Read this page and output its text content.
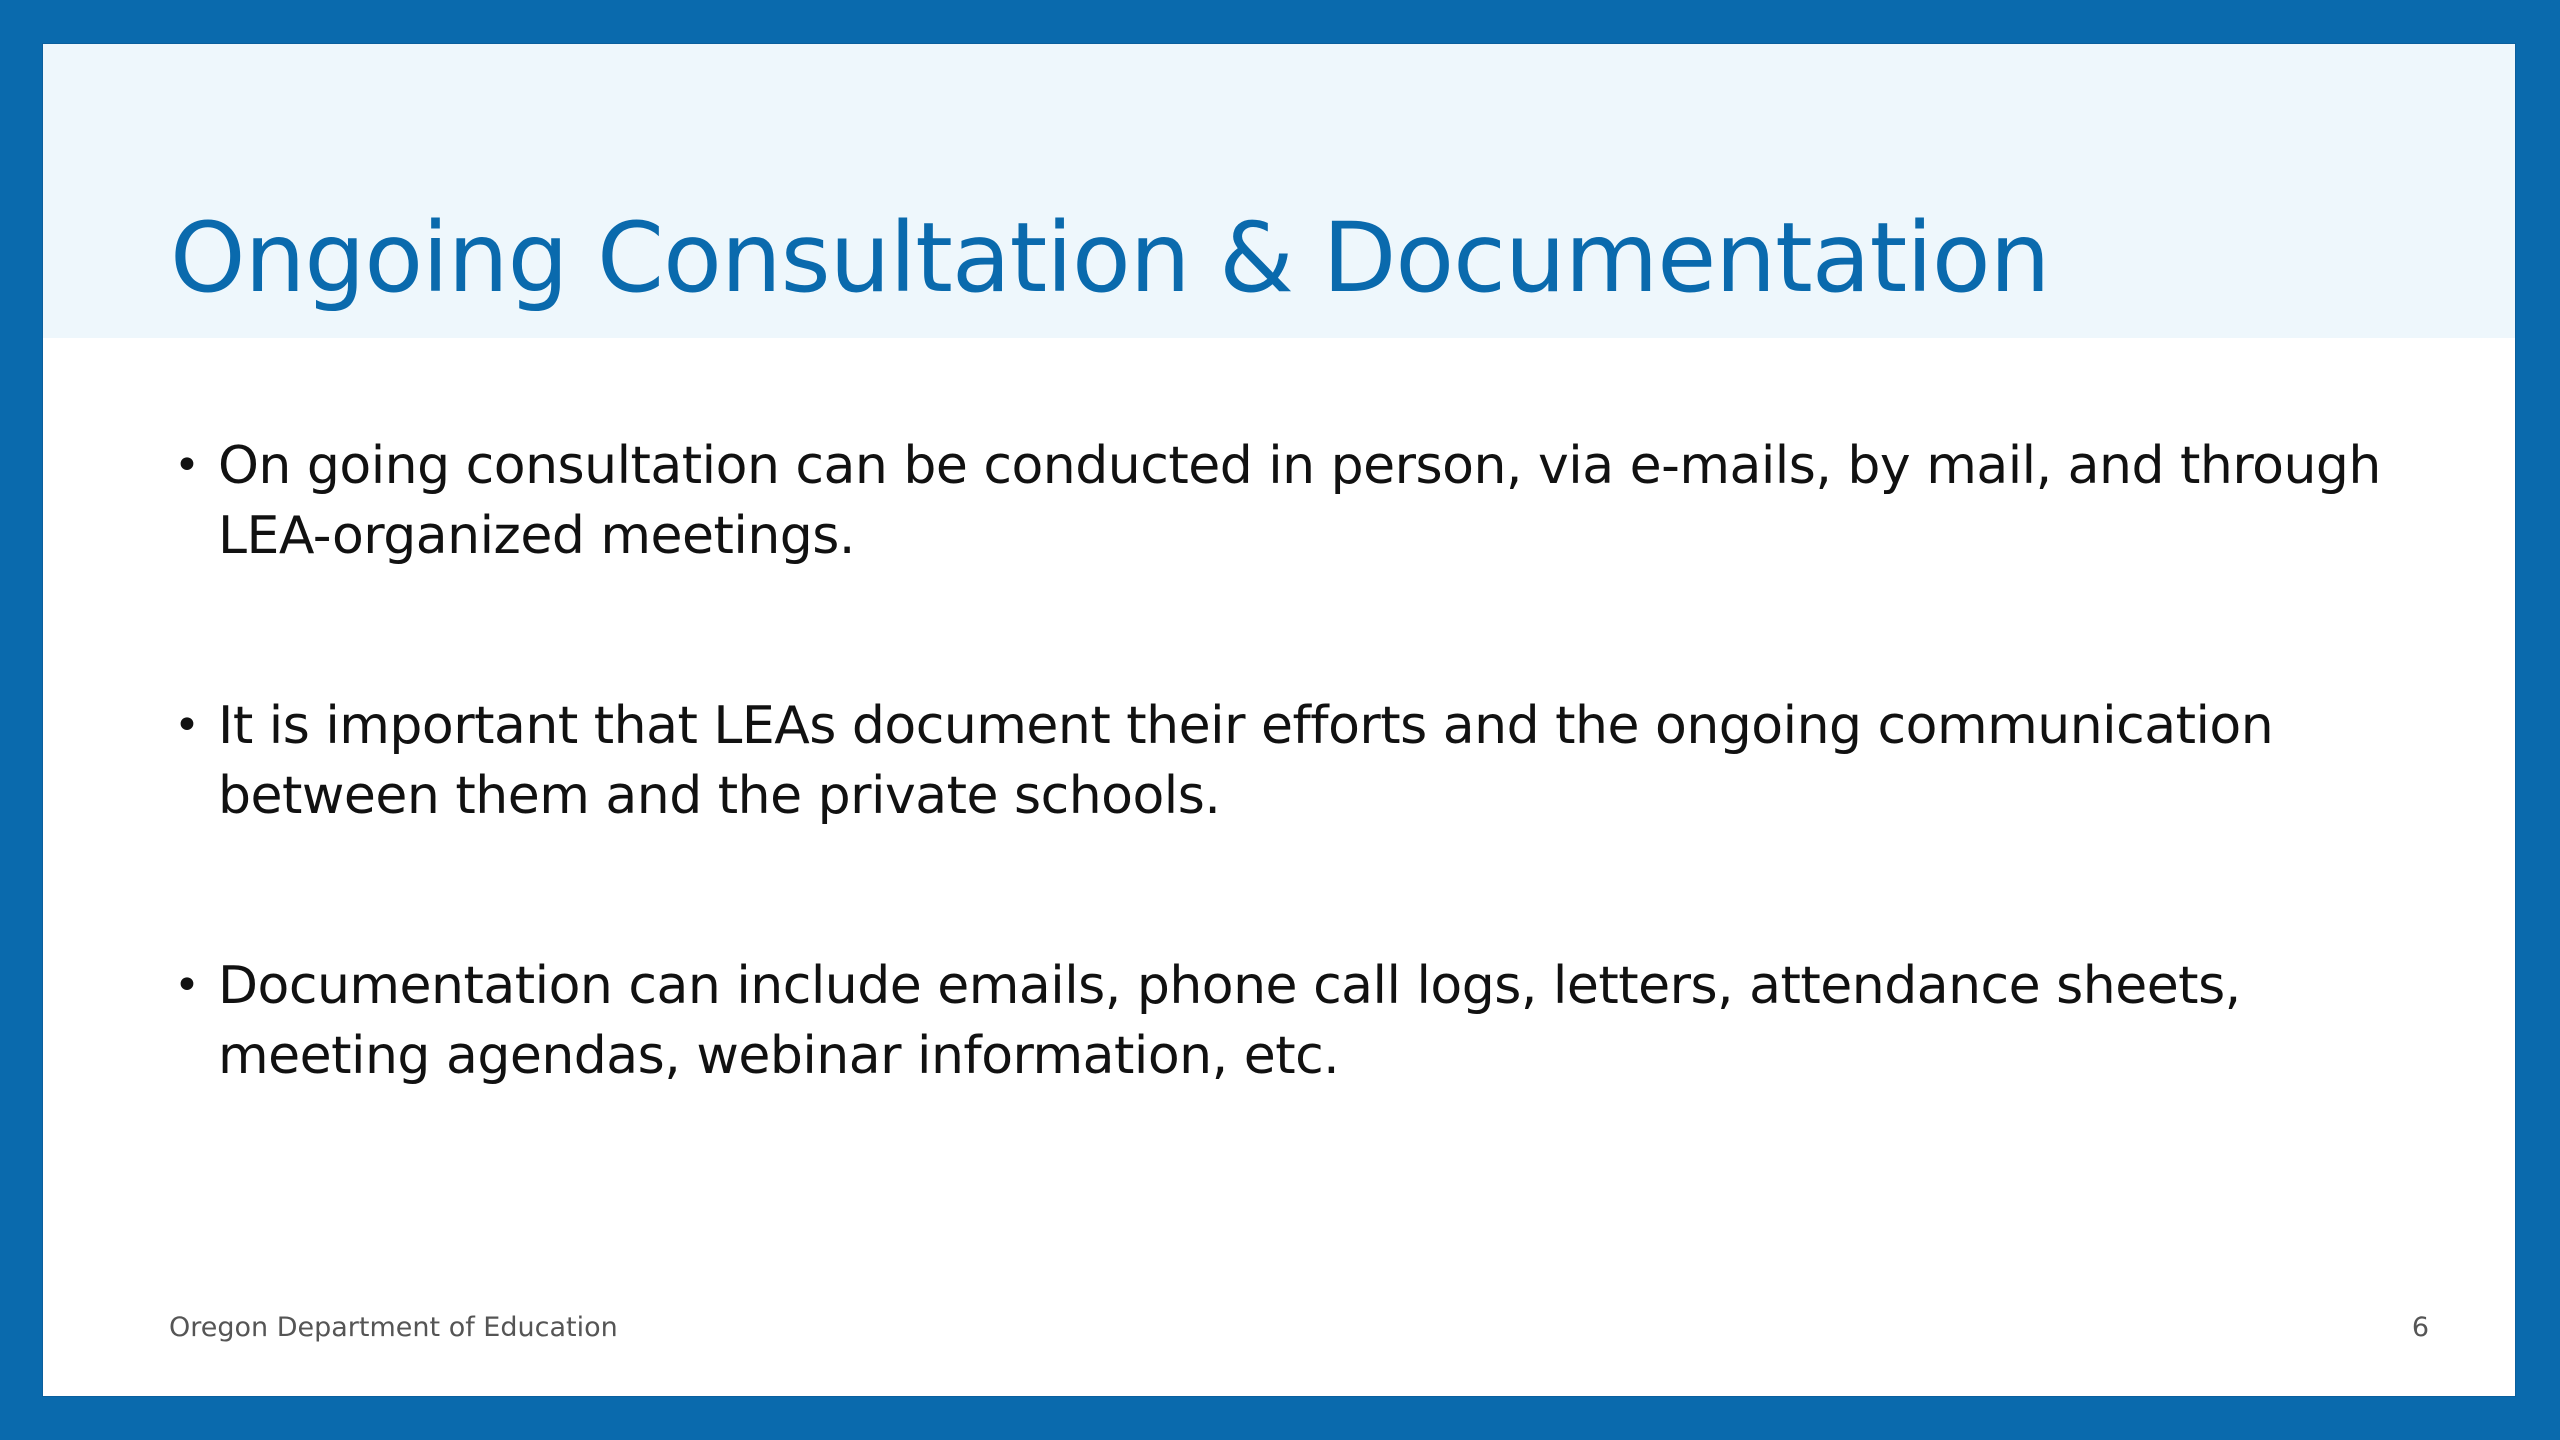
Ongoing Consultation & Documentation
• On going consultation can be conducted in person, via e-mails, by mail, and through LEA-organized meetings.
• It is important that LEAs document their efforts and the ongoing communication between them and the private schools.
• Documentation can include emails, phone call logs, letters, attendance sheets, meeting agendas, webinar information, etc.
Oregon Department of Education	6
